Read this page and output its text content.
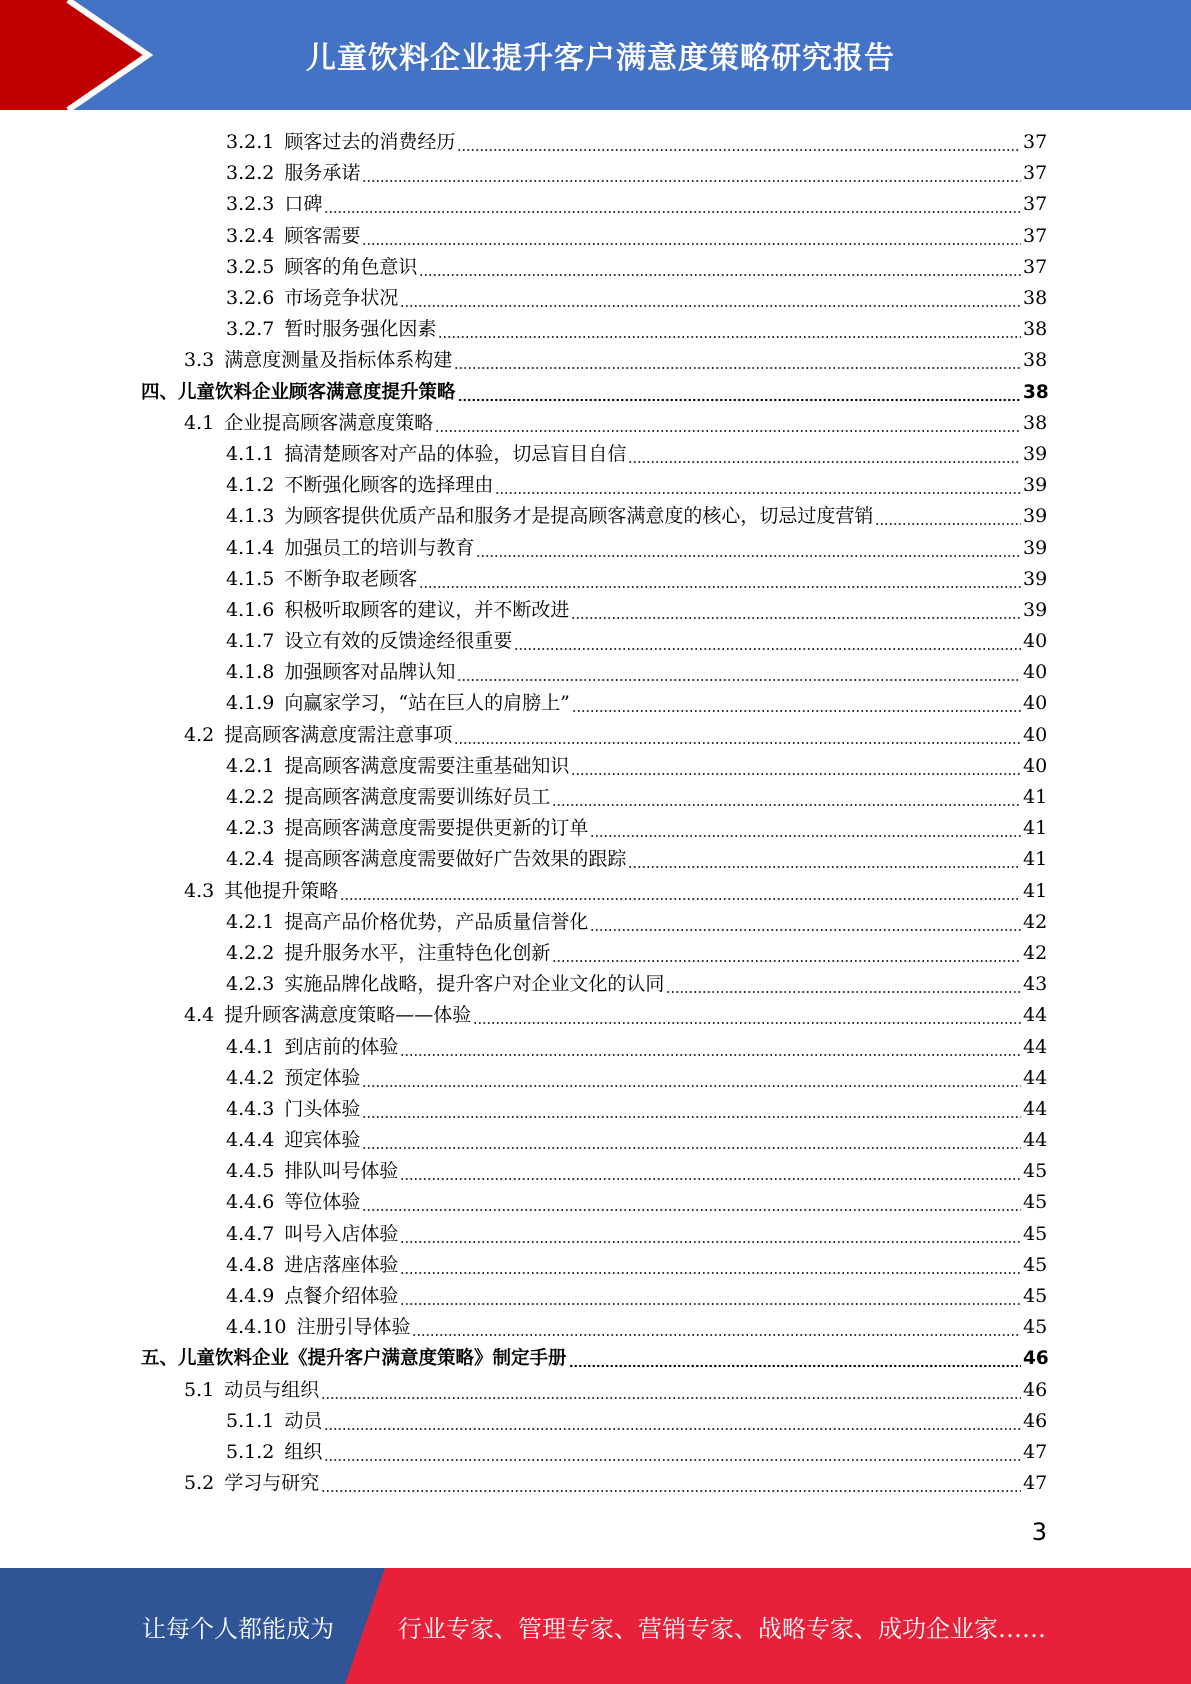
儿童饮料企业提升客户满意度策略研究报告
3.2.1 顾客过去的消费经历	37
3.2.2 服务承诺	37
3.2.3 口碑	37
3.2.4 顾客需要	37
3.2.5 顾客的角色意识	37
3.2.6 市场竞争状况	38
3.2.7 暂时服务强化因素	38
3.3 满意度测量及指标体系构建	38
四、 儿童饮料企业顾客满意度提升策略	38
4.1 企业提高顾客满意度策略	38
4.1.1 搞清楚顾客对产品的体验，切忌盲目自信	39
4.1.2 不断强化顾客的选择理由	39
4.1.3 为顾客提供优质产品和服务才是提高顾客满意度的核心，切忌过度营销	39
4.1.4 加强员工的培训与教育	39
4.1.5 不断争取老顾客	39
4.1.6 积极听取顾客的建议，并不断改进	39
4.1.7 设立有效的反馈途经很重要	40
4.1.8 加强顾客对品牌认知	40
4.1.9 向赢家学习，“站在巨人的肩膀上”	40
4.2 提高顾客满意度需注意事项	40
4.2.1 提高顾客满意度需要注重基础知识	40
4.2.2 提高顾客满意度需要训练好员工	41
4.2.3 提高顾客满意度需要提供更新的订单	41
4.2.4 提高顾客满意度需要做好广告效果的跟踪	41
4.3 其他提升策略	41
4.2.1 提高产品价格优势，产品质量信誉化	42
4.2.2 提升服务水平，注重特色化创新	42
4.2.3 实施品牌化战略，提升客户对企业文化的认同	43
4.4 提升顾客满意度策略——体验	44
4.4.1 到店前的体验	44
4.4.2 预定体验	44
4.4.3 门头体验	44
4.4.4 迎宾体验	44
4.4.5 排队叫号体验	45
4.4.6 等位体验	45
4.4.7 叫号入店体验	45
4.4.8 进店落座体验	45
4.4.9 点餐介绍体验	45
4.4.10 注册引导体验	45
五、 儿童饮料企业《提升客户满意度策略》制定手册	46
5.1 动员与组织	46
5.1.1 动员	46
5.1.2 组织	47
5.2 学习与研究	47
3
让每个人都能成为	行业专家、管理专家、营销专家、战略专家、成功企业家……
